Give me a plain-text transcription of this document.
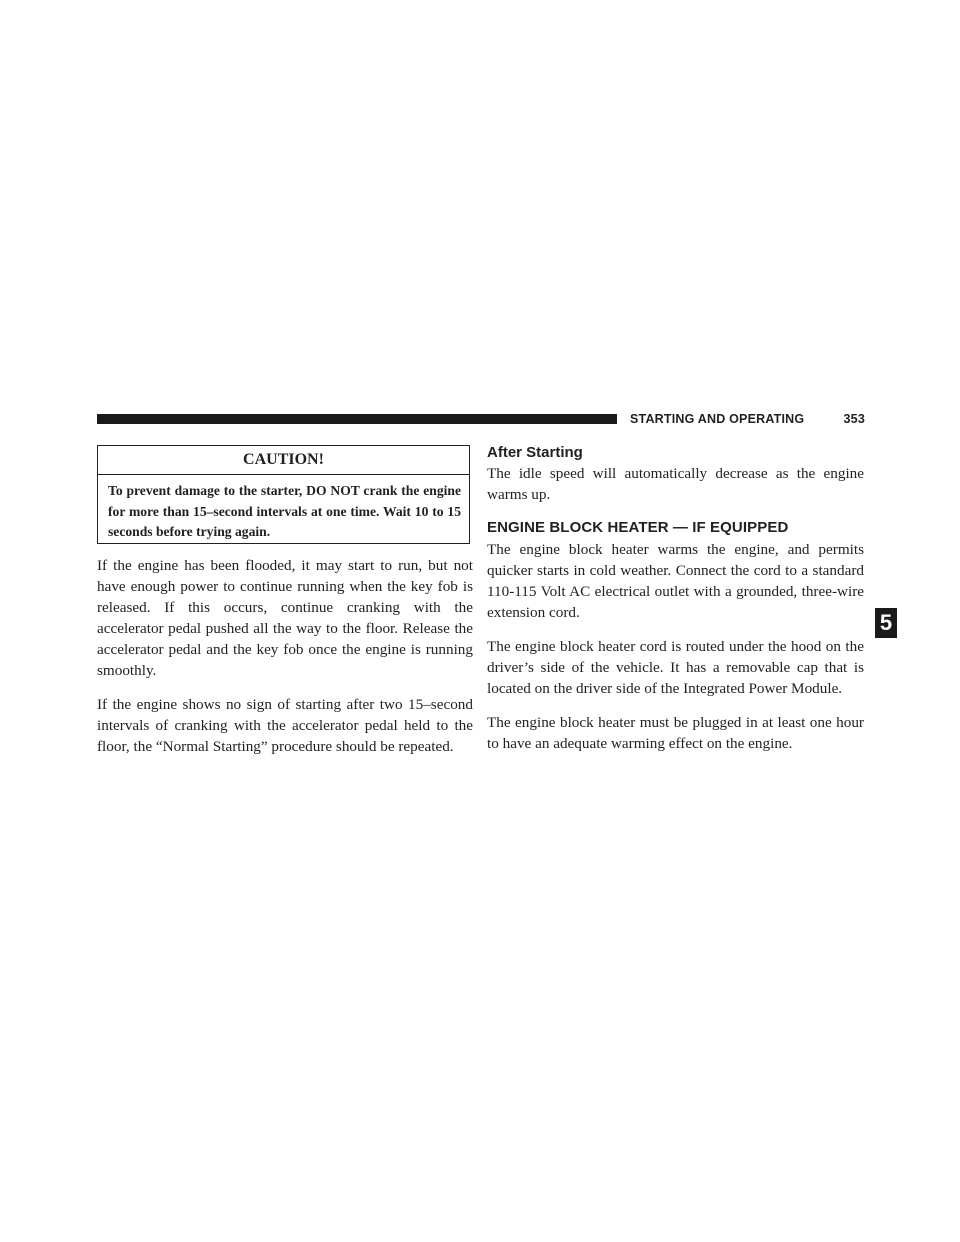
STARTING AND OPERATING	353
CAUTION!
To prevent damage to the starter, DO NOT crank the engine for more than 15–second intervals at one time. Wait 10 to 15 seconds before trying again.

If the engine has been flooded, it may start to run, but not have enough power to continue running when the key fob is released. If this occurs, continue cranking with the accelerator pedal pushed all the way to the floor. Release the accelerator pedal and the key fob once the engine is running smoothly.

If the engine shows no sign of starting after two 15–second intervals of cranking with the accelerator pedal held to the floor, the “Normal Starting” procedure should be repeated.

After Starting

The idle speed will automatically decrease as the engine warms up.

ENGINE BLOCK HEATER — IF EQUIPPED

The engine block heater warms the engine, and permits quicker starts in cold weather. Connect the cord to a standard 110-115 Volt AC electrical outlet with a grounded, three-wire extension cord.

The engine block heater cord is routed under the hood on the driver’s side of the vehicle. It has a removable cap that is located on the driver side of the Integrated Power Module.

The engine block heater must be plugged in at least one hour to have an adequate warming effect on the engine.

5
